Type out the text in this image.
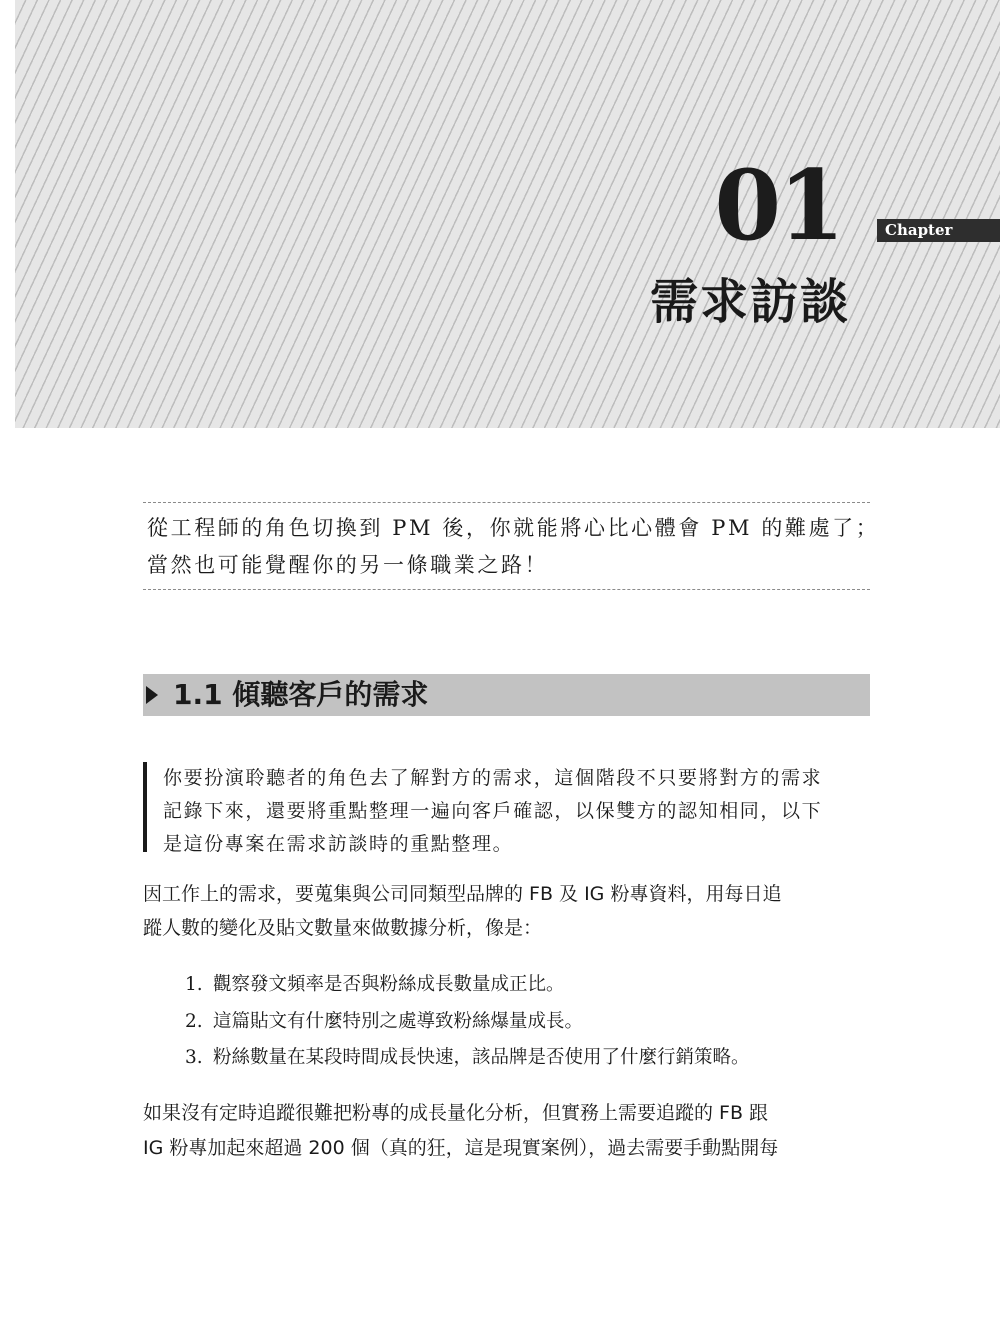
01	Chapter
需求訪談
從工程師的角色切換到 PM 後，你就能將心比心體會 PM 的難處了；
當然也可能覺醒你的另一條職業之路！
1.1 傾聽客戶的需求
你要扮演聆聽者的角色去了解對方的需求，這個階段不只要將對方的需求
記錄下來，還要將重點整理一遍向客戶確認，以保雙方的認知相同，以下
是這份專案在需求訪談時的重點整理。
因工作上的需求，要蒐集與公司同類型品牌的 FB 及 IG 粉專資料，用每日追
蹤人數的變化及貼文數量來做數據分析，像是：
1. 觀察發文頻率是否與粉絲成長數量成正比。
2. 這篇貼文有什麼特別之處導致粉絲爆量成長。
3. 粉絲數量在某段時間成長快速，該品牌是否使用了什麼行銷策略。
如果沒有定時追蹤很難把粉專的成長量化分析，但實務上需要追蹤的 FB 跟
IG 粉專加起來超過 200 個（真的狂，這是現實案例），過去需要手動點開每
